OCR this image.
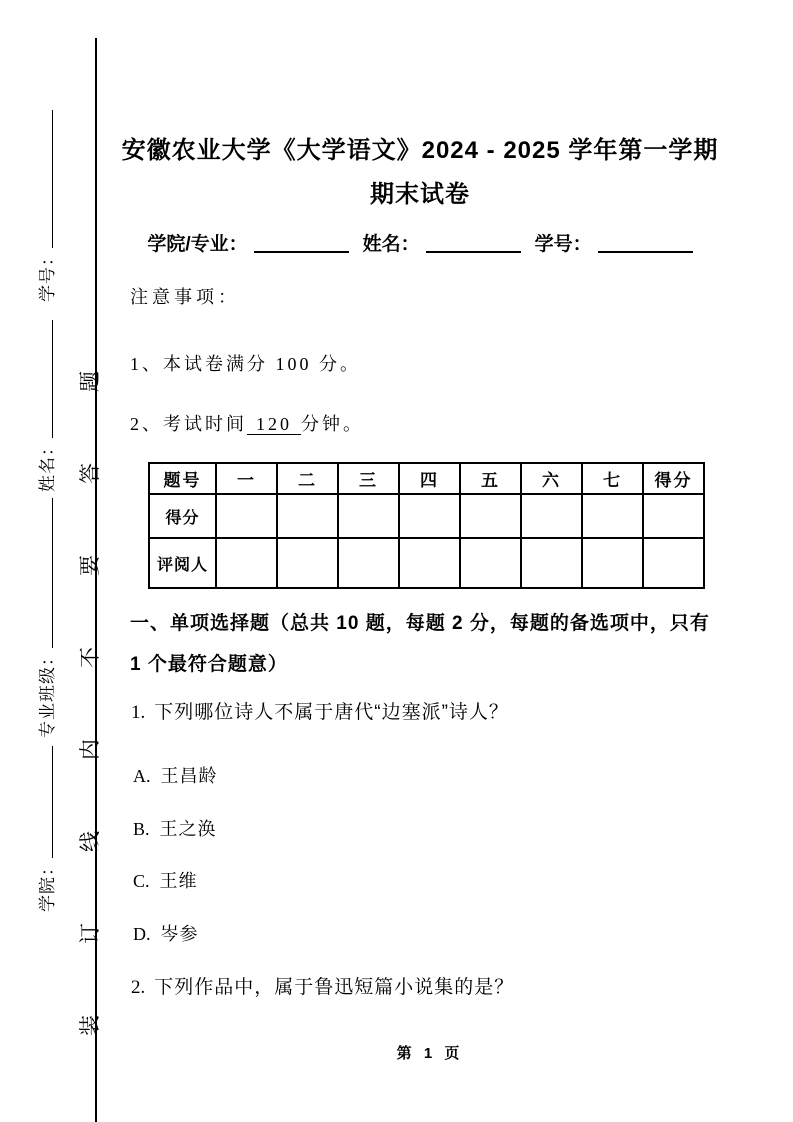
学院：专业班级：姓名：学号：
装订线内不要答题
安徽农业大学《大学语文》2024 - 2025 学年第一学期
期末试卷
学院/专业：	姓名：	学号：
注意事项：
1、本试卷满分 100 分。
2、考试时间 120 分钟。
题号	一	二	三	四	五	六	七	得分
得分								
评阅人								
一、单项选择题（总共 10 题，每题 2 分，每题的备选项中，只有 1 个最符合题意）
1. 下列哪位诗人不属于唐代“边塞派”诗人？
A. 王昌龄
B. 王之涣
C. 王维
D. 岑参
2. 下列作品中，属于鲁迅短篇小说集的是？
第 1 页
